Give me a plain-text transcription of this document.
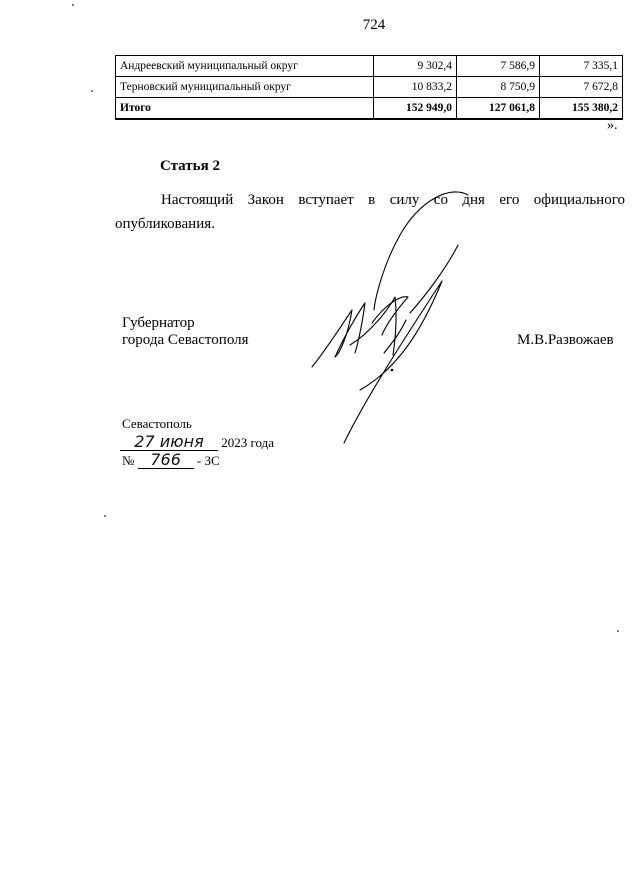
724
Андреевский муниципальный округ	9 302,4	7 586,9	7 335,1
Терновский муниципальный округ	10 833,2	8 750,9	7 672,8
Итого	152 949,0	127 061,8	155 380,2
».
Статья 2

Настоящий Закон вступает в силу со дня его официального опубликования.

Губернатор
города Севастополя	М.В.Развожаев
Севастополь
27 июня 2023 года
№ 766 - ЗС
